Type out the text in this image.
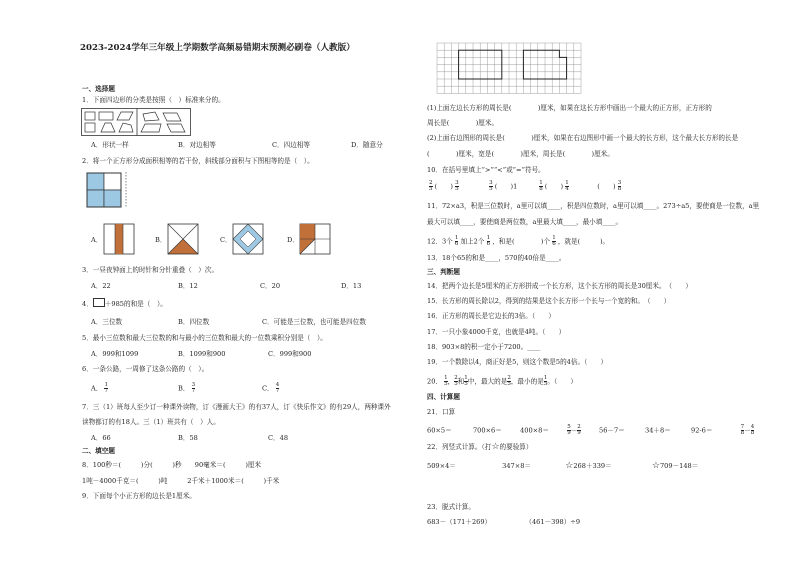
2023-2024学年三年级上学期数学高频易错期末预测必刷卷（人教版）
一、选择题
1．下面四边形的分类是按照（　）标准来分的。
A．形状一样	B．对边相等	C．四边相等	D．随意分
2．将一个正方形分成面积相等的若干份，斜线部分面积与下图相等的是（　）。
A．	B．	C．	D．
3．一昼夜钟面上的时针和分针重叠（　）次。
A．22	B．12	C．20	D．13
4． ＋985的和是（　）。
A．三位数	B．四位数	C．可能是三位数，也可能是四位数
5．最小三位数和最大三位数的和与最小的三位数和最大的一位数乘积分别是（　）。
A．999和1099	B．1099和900	C．999和900
6．一条公路，一周修了这条公路的（　）。
A． $\frac{1}{7}$	B． $\frac{3}{7}$	C． $\frac{4}{7}$
7．三（1）班每人至少订一种课外读物，订《漫画大王》的有37人，订《快乐作文》的有29人，两种课外
读物都订的有18人。三（1）班共有（　）人。
A．66	B．58	C．48
二、填空题
8．100秒＝(　　　)分(　　　)秒　　90毫米＝(　　　)厘米
1吨－4000千克＝(　　　)吨　　　2千米＋1000米＝(　　　)千米
9．下面每个小正方形的边长是1厘米。
(1)上面左边长方形的周长是(　　　　)厘米，如果在这长方形中画出一个最大的正方形，正方形的
周长是(　　　　)厘米。
(2)上面右边图形的周长是(　　　　)厘米，如果在右边图形中画一个最大的长方形，这个最大长方形的长是
(　　　　)厘米，宽是(　　　　)厘米，周长是(　　　　)厘米。
10．在括号里填上“>”“<”或“=”符号。
$\frac{2}{5}$ (　　) $\frac{3}{5}$
　　　　	$\frac{3}{5}$ (　　)1　　　 $\frac{1}{8}$ (　　) $\frac{1}{4}$ 　　　　(　　) $\frac{3}{8}$
11．72×a3，积是三位数时，a里可以填____，积是四位数时，a里可以填____。273÷a5，要使商是一位数，a里
最大可以填____，要使商是两位数，a里最大填____，最小填____。
12．3个 $\frac{1}{6}$ 加上2个 $\frac{1}{6}$ ，和是(　　　　)个 $\frac{1}{6}$ ，就是(　　　)。
13．18个65的和是____，570的40倍是____。
三、判断题
14．把两个边长是5厘米的正方形拼成一个长方形，这个长方形的周长是30厘米。　（　　）
15．长方形的周长除以2，得到的结果是这个长方形一个长与一个宽的和。　（　　）
16．正方形的周长是它边长的3倍。（　　）
17．一只小象4000千克，也就是4吨。（　　）
18．903×8的积一定小于7200。____
19．一个数除以4，商正好是5，则这个数是5的4倍。（　　）
20． $\frac{1}{5}$ ， $\frac{2}{5}$ 和 $\frac{1}{5}$ 中，最大的是 $\frac{2}{5}$ ，最小的是 $\frac{1}{5}$ 。（　　）
四、计算题
21．口算
60×5＝	700×6＝	400×8＝	$\frac{5}{9} - \frac{2}{9}$	56－7＝	34＋8＝	92-6＝	$\frac{7}{8} - \frac{4}{8}$
22．列竖式计算。（打☆的要验算）
509×4＝	347×8＝	☆268＋339＝	☆709－148＝
23．脱式计算。
683－（171＋269）	（461－398）÷9
